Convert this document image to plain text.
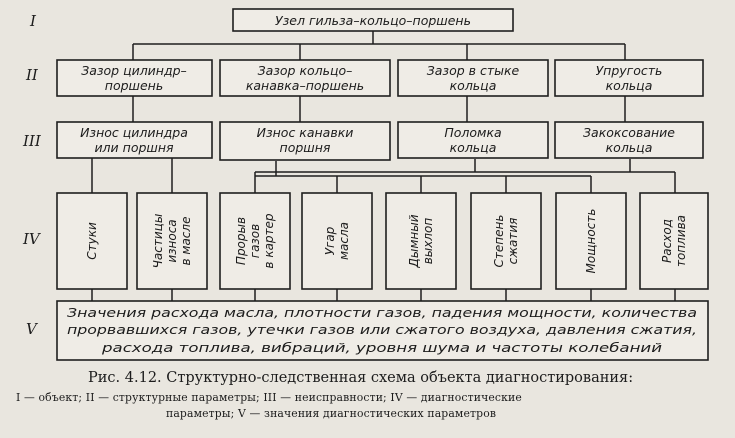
I
II
III
IV
V
Узел гильза–кольцо–поршень
Зазор цилиндр–
поршень
Зазор кольцо–
канавка–поршень
Зазор в стыке
кольца
Упругость
кольца
Износ цилиндра
или поршня
Износ канавки
поршня
Поломка
кольца
Закоксование
кольца
Стуки	Частицы износа в масле	Прорыв газов в картер	Угар масла	Дымный выхлоп	Степень сжатия	Мощность	Расход топлива
Значения расхода масла, плотности газов, падения мощности, количества
прорвавшихся газов, утечки газов или сжатого воздуха, давления сжатия,
расхода топлива, вибраций, уровня шума и частоты колебаний
Рис. 4.12. Структурно-следственная схема объекта диагностирования:
I — объект; II — структурные параметры; III — неисправности; IV — диагностические
параметры; V — значения диагностических параметров
